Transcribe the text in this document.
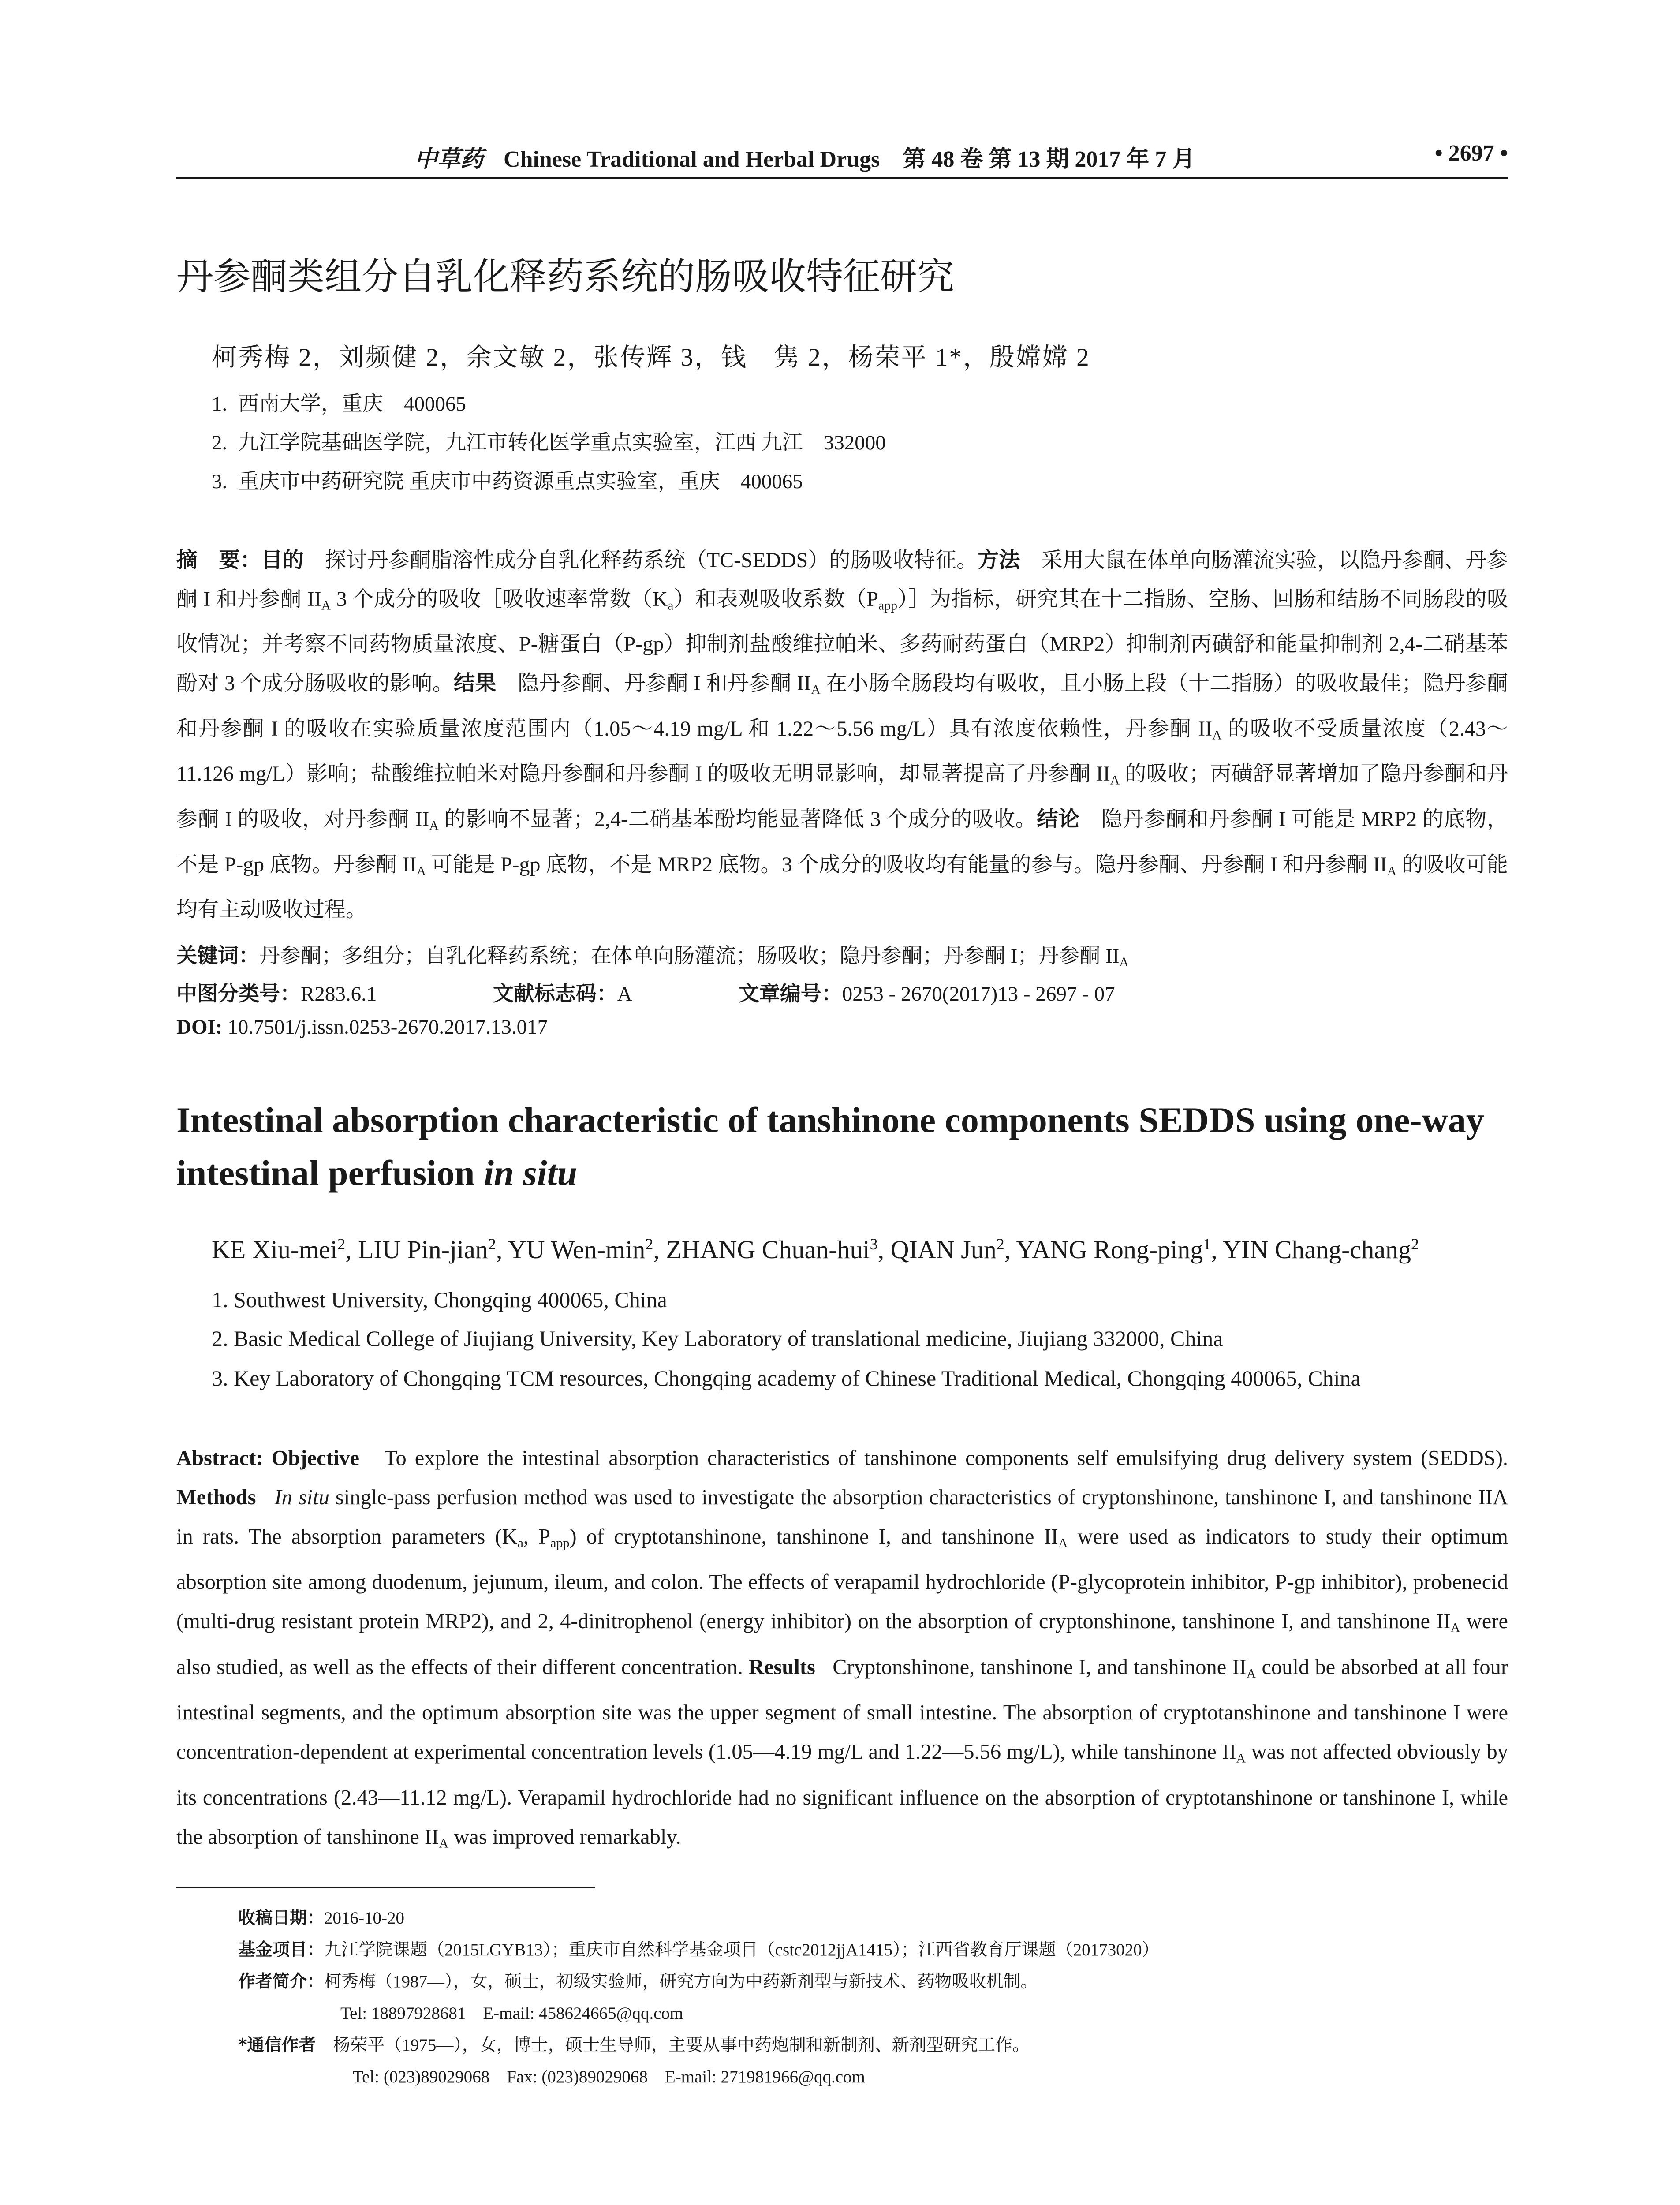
中草药 Chinese Traditional and Herbal Drugs　第 48 卷 第 13 期 2017 年 7 月	• 2697 •
丹参酮类组分自乳化释药系统的肠吸收特征研究
柯秀梅 2，刘频健 2，余文敏 2，张传辉 3，钱　隽 2，杨荣平 1*，殷嫦嫦 2
1. 西南大学，重庆　400065
2. 九江学院基础医学院，九江市转化医学重点实验室，江西 九江　332000
3. 重庆市中药研究院 重庆市中药资源重点实验室，重庆　400065
摘　要：目的　 探讨丹参酮脂溶性成分自乳化释药系统（TC-SEDDS）的肠吸收特征。方法　 采用大鼠在体单向肠灌流实验，以隐丹参酮、丹参酮 I 和丹参酮 $II_A$ 3 个成分的吸收［吸收速率常数$(K_a)$和表观吸收系数$(P_{app})]$为指标，研究其在十二指肠、空肠、回肠和结肠不同肠段的吸收情况；并考察不同药物质量浓度、P-糖蛋白（P-gp）抑制剂盐酸维拉帕米、多药耐药蛋白（MRP2）抑制剂丙磺舒和能量抑制剂 2,4-二硝基苯酚对 3 个成分肠吸收的影响。结果　 隐丹参酮、丹参酮 I 和丹参酮 $II_A$ 在小肠全肠段均有吸收，且小肠上段（十二指肠）的吸收最佳；隐丹参酮和丹参酮 I 的吸收在实验质量浓度范围内（1.05～4.19 mg/L 和 1.22～5.56 mg/L）具有浓度依赖性，丹参酮 $II_A$ 的吸收不受质量浓度（2.43～11.126 mg/L）影响；盐酸维拉帕米对隐丹参酮和丹参酮 I 的吸收无明显影响，却显著提高了丹参酮 $II_A$ 的吸收；丙磺舒显著增加了隐丹参酮和丹参酮 I 的吸收，对丹参酮 $II_A$ 的影响不显著；2,4-二硝基苯酚均能显著降低 3 个成分的吸收。结论　 隐丹参酮和丹参酮 I 可能是 MRP2 的底物，不是 P-gp 底物。丹参酮 $II_A$ 可能是 P-gp 底物，不是 MRP2 底物。3 个成分的吸收均有能量的参与。隐丹参酮、丹参酮 I 和丹参酮 $II_A$ 的吸收可能均有主动吸收过程。
关键词：丹参酮；多组分；自乳化释药系统；在体单向肠灌流；肠吸收；隐丹参酮；丹参酮 I；丹参酮 $II_A$
中图分类号：R283.6.1	文献标志码：A	文章编号：0253 - 2670(2017)13 - 2697 - 07
DOI: 10.7501/j.issn.0253-2670.2017.13.017
Intestinal absorption characteristic of tanshinone components SEDDS using one-way intestinal perfusion in situ
KE Xiu-mei$^2$, LIU Pin-jian$^2$, YU Wen-$\min^2$, ZHANG Chuan-hui$^3$, QIAN Jun$^2$, YANG Rong-ping$^1$, YIN Chang-chang$^2$
1. Southwest University, Chongqing 400065, China
2. Basic Medical College of Jiujiang University, Key Laboratory of translational medicine, Jiujiang 332000, China
3. Key Laboratory of Chongqing TCM resources, Chongqing academy of Chinese Traditional Medical, Chongqing 400065, China
Abstract: Objective To explore the intestinal absorption characteristics of tanshinone components self emulsifying drug delivery system (SEDDS). Methods In situ single-pass perfusion method was used to investigate the absorption characteristics of cryptonshinone, tanshinone I, and tanshinone IIA in rats. The absorption parameters ($K_a$, $P_{app}$) of cryptotanshinone, tanshinone I, and tanshinone $II_A$ were used as indicators to study their optimum absorption site among duodenum, jejunum, ileum, and colon. The effects of verapamil hydrochloride (P-glycoprotein inhibitor, P-gp inhibitor), probenecid (multi-drug resistant protein MRP2), and 2, 4-dinitrophenol (energy inhibitor) on the absorption of cryptonshinone, tanshinone I, and tanshinone $II_A$ were also studied, as well as the effects of their different concentration. Results Cryptonshinone, tanshinone I, and tanshinone $II_A$ could be absorbed at all four intestinal segments, and the optimum absorption site was the upper segment of small intestine. The absorption of cryptotanshinone and tanshinone I were concentration-dependent at experimental concentration levels (1.05—4.19 mg/L and 1.22—5.56 mg/L), while tanshinone $II_A$ was not affected obviously by its concentrations (2.43—11.12 mg/L). Verapamil hydrochloride had no significant influence on the absorption of cryptotanshinone or tanshinone I, while the absorption of tanshinone $II_A$ was improved remarkably.
收稿日期：2016-10-20
基金项目：九江学院课题（2015LGYB13）；重庆市自然科学基金项目（cstc2012jjA1415）；江西省教育厅课题（20173020）
作者简介：柯秀梅（1987—），女，硕士，初级实验师，研究方向为中药新剂型与新技术、药物吸收机制。
Tel: 18897928681　E-mail: 458624665@qq.com
*通信作者　 杨荣平（1975—），女，博士，硕士生导师，主要从事中药炮制和新制剂、新剂型研究工作。
Tel: (023)89029068　Fax: (023)89029068　E-mail: 271981966@qq.com
